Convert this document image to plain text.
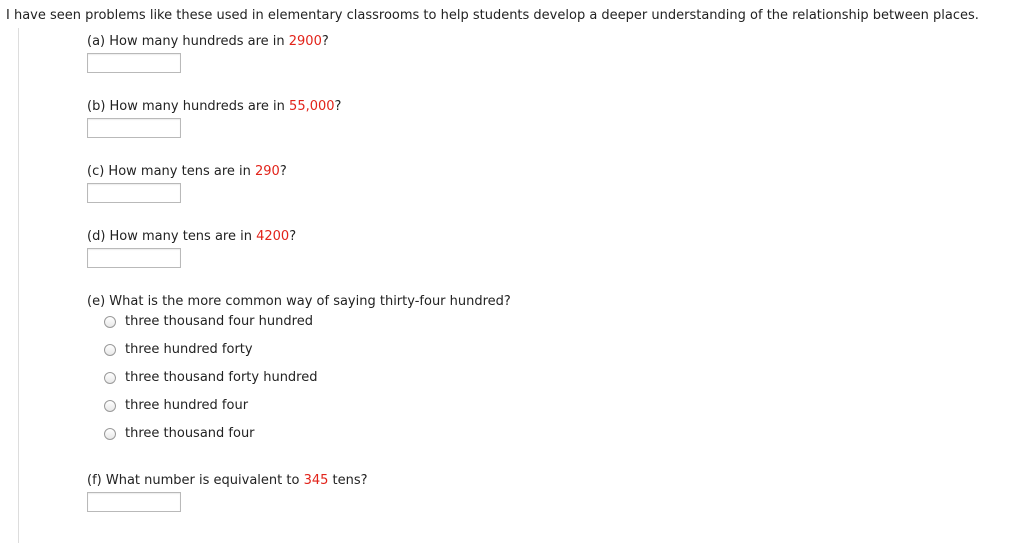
I have seen problems like these used in elementary classrooms to help students develop a deeper understanding of the relationship between places.
(a) How many hundreds are in 2900?
(b) How many hundreds are in 55,000?
(c) How many tens are in 290?
(d) How many tens are in 4200?
(e) What is the more common way of saying thirty-four hundred?
three thousand four hundred
three hundred forty
three thousand forty hundred
three hundred four
three thousand four
(f) What number is equivalent to 345 tens?
